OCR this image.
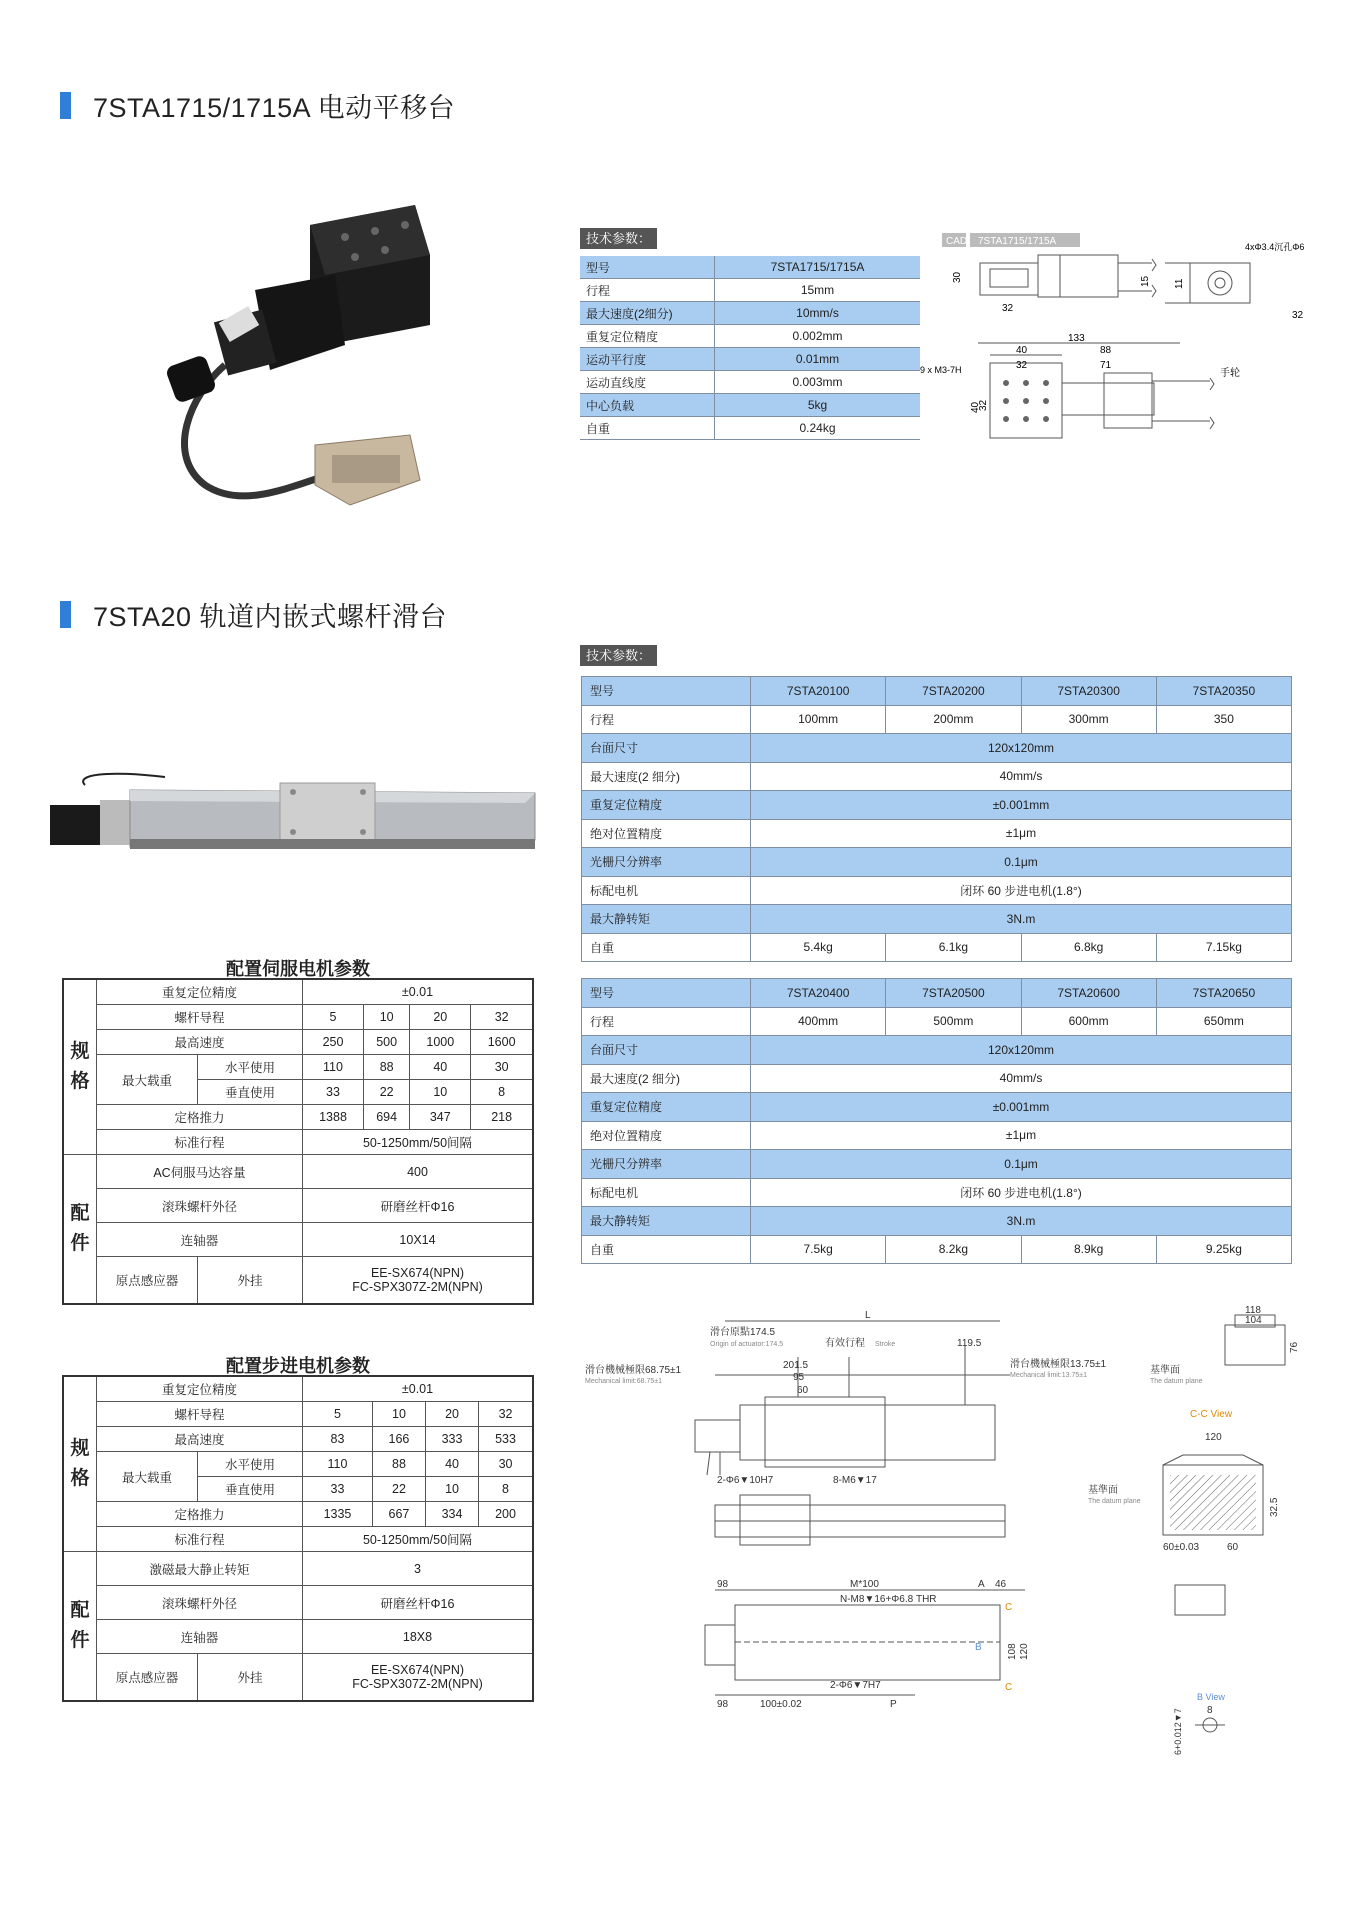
7STA1715/1715A 电动平移台
技术参数：
型号	7STA1715/1715A
行程	15mm
最大速度(2细分)	10mm/s
重复定位精度	0.002mm
运动平行度	0.01mm
运动直线度	0.003mm
中心负载	5kg
自重	0.24kg
CAD 7STA1715/1715A
30
32
15
4xΦ3.4沉孔Φ6
11
32
133
88
40
32	71
9 x M3-7H	手轮
40
32
7STA20 轨道内嵌式螺杆滑台
技术参数：
型号	7STA20100	7STA20200	7STA20300	7STA20350
行程	100mm	200mm	300mm	350
台面尺寸	120x120mm			
最大速度(2 细分)	40mm/s			
重复定位精度	±0.001mm			
绝对位置精度	±1μm			
光栅尺分辨率	0.1μm			
标配电机	闭环 60 步进电机(1.8°)			
最大静转矩	3N.m			
自重	5.4kg	6.1kg	6.8kg	7.15kg
型号	7STA20400	7STA20500	7STA20600	7STA20650
行程	400mm	500mm	600mm	650mm
台面尺寸	120x120mm			
最大速度(2 细分)	40mm/s			
重复定位精度	±0.001mm			
绝对位置精度	±1μm			
光栅尺分辨率	0.1μm			
标配电机	闭环 60 步进电机(1.8°)			
最大静转矩	3N.m			
自重	7.5kg	8.2kg	8.9kg	9.25kg
配置伺服电机参数
规格	重复定位精度		±0.01			
	螺杆导程		5	10	20	32
	最高速度		250	500	1000	1600
	最大载重	水平使用	110	88	40	30
		垂直使用	33	22	10	8
	定格推力		1388	694	347	218
	标准行程		50-1250mm/50间隔			
配件	AC伺服马达容量		400			
	滚珠螺杆外径		研磨丝杆Φ16			
	连轴器		10X14			
	原点感应器	外挂	EE-SX674(NPN)
FC-SPX307Z-2M(NPN)			
配置步进电机参数
规格	重复定位精度		±0.01			
	螺杆导程		5	10	20	32
	最高速度		83	166	333	533
	最大载重	水平使用	110	88	40	30
		垂直使用	33	22	10	8
	定格推力		1335	667	334	200
	标准行程		50-1250mm/50间隔			
配件	激磁最大静止转矩		3			
	滚珠螺杆外径		研磨丝杆Φ16			
	连轴器		18X8			
	原点感应器	外挂	EE-SX674(NPN)
FC-SPX307Z-2M(NPN)			
L
滑台原點174.5
Origin of actuator:174.5	有效行程 Stroke	119.5
滑台機械極限68.75±1
Mechanical limit:68.75±1
滑台機械極限13.75±1
Mechanical limit:13.75±1
201.5
95
60
2-Φ6▼10H7	8-M6▼17
基準面
The datum plane
118
104
76
C-C View
120
基準面
The datum plane	32.5
60±0.03	60
98	M*100	A 46
N-M8▼16+Φ6.8 THR
C
B	108 120
C
2-Φ6▼7H7
98	100±0.02	P
B View
8
6+0.012▼7
